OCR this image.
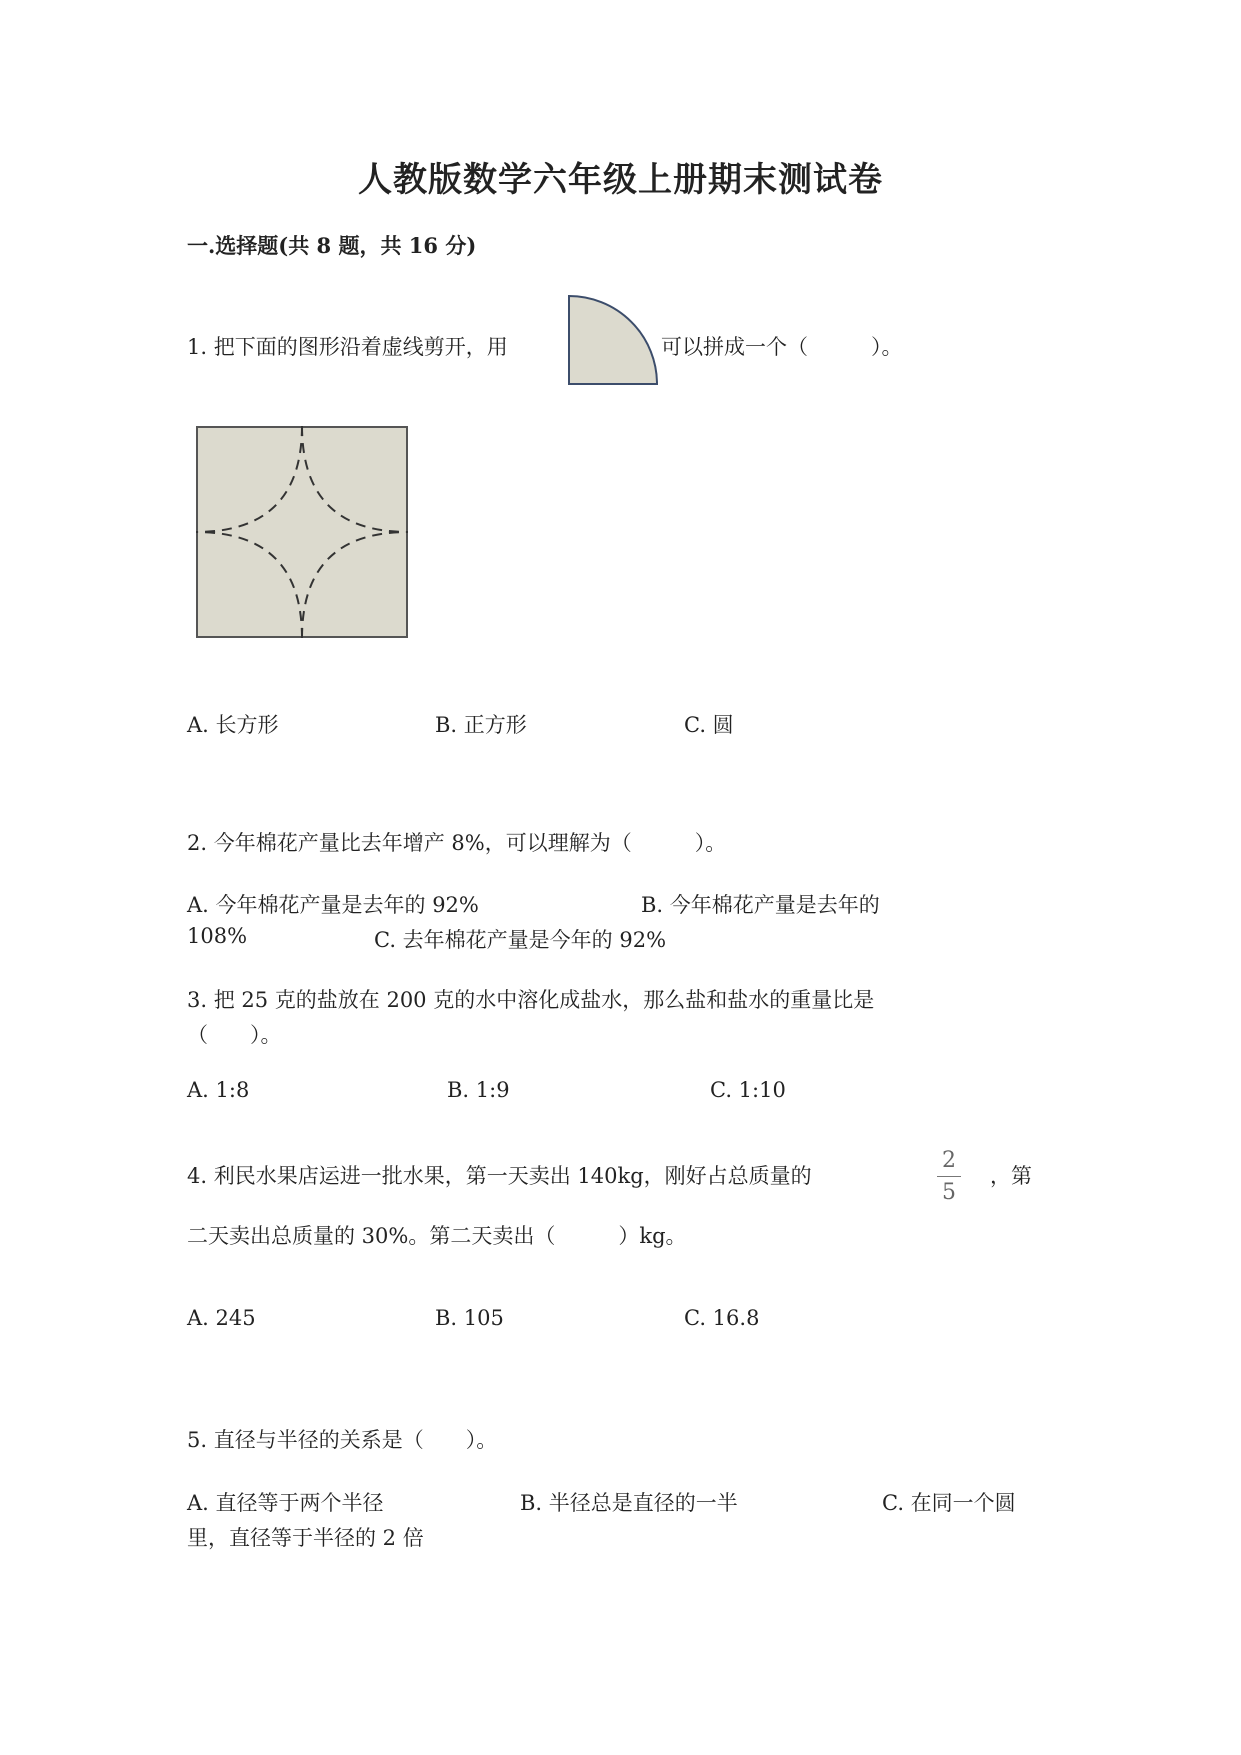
人教版数学六年级上册期末测试卷
一.选择题(共 8 题，共 16 分)
1. 把下面的图形沿着虚线剪开，用	可以拼成一个（　　　）。
A. 长方形	B. 正方形	C. 圆
2. 今年棉花产量比去年增产 8%，可以理解为（　　　）。
A. 今年棉花产量是去年的 92%	B. 今年棉花产量是去年的
108%	C. 去年棉花产量是今年的 92%
3. 把 25 克的盐放在 200 克的水中溶化成盐水，那么盐和盐水的重量比是
（　　）。
A. 1:8	B. 1:9	C. 1:10
4. 利民水果店运进一批水果，第一天卖出 140kg，刚好占总质量的
2
5
，第
二天卖出总质量的 30%。第二天卖出（　　　）kg。
A. 245	B. 105	C. 16.8
5. 直径与半径的关系是（　　）。
A. 直径等于两个半径	B. 半径总是直径的一半	C. 在同一个圆
里，直径等于半径的 2 倍
